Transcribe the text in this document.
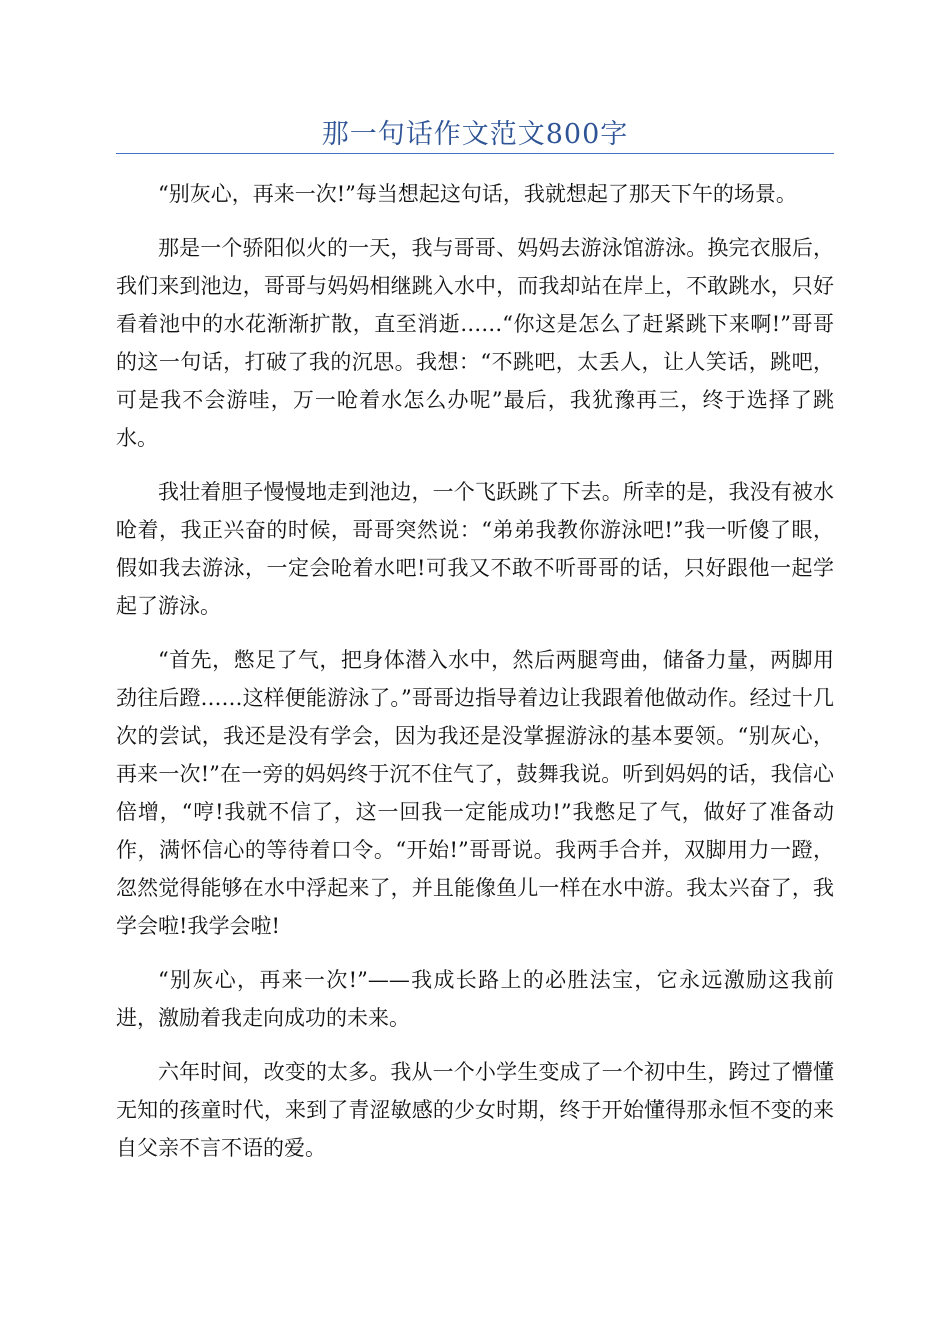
那一句话作文范文800字

“别灰心，再来一次!”每当想起这句话，我就想起了那天下午的场景。

那是一个骄阳似火的一天，我与哥哥、妈妈去游泳馆游泳。换完衣服后，我们来到池边，哥哥与妈妈相继跳入水中，而我却站在岸上，不敢跳水，只好看着池中的水花渐渐扩散，直至消逝……“你这是怎么了赶紧跳下来啊!”哥哥的这一句话，打破了我的沉思。我想：“不跳吧，太丢人，让人笑话，跳吧，可是我不会游哇，万一呛着水怎么办呢”最后，我犹豫再三，终于选择了跳水。

我壮着胆子慢慢地走到池边，一个飞跃跳了下去。所幸的是，我没有被水呛着，我正兴奋的时候，哥哥突然说：“弟弟我教你游泳吧!”我一听傻了眼，假如我去游泳，一定会呛着水吧!可我又不敢不听哥哥的话，只好跟他一起学起了游泳。

“首先，憋足了气，把身体潜入水中，然后两腿弯曲，储备力量，两脚用劲往后蹬……这样便能游泳了。”哥哥边指导着边让我跟着他做动作。经过十几次的尝试，我还是没有学会，因为我还是没掌握游泳的基本要领。“别灰心，再来一次!”在一旁的妈妈终于沉不住气了，鼓舞我说。听到妈妈的话，我信心倍增，“哼!我就不信了，这一回我一定能成功!”我憋足了气，做好了准备动作，满怀信心的等待着口令。“开始!”哥哥说。我两手合并，双脚用力一蹬，忽然觉得能够在水中浮起来了，并且能像鱼儿一样在水中游。我太兴奋了，我学会啦!我学会啦!

“别灰心，再来一次!”——我成长路上的必胜法宝，它永远激励这我前进，激励着我走向成功的未来。

六年时间，改变的太多。我从一个小学生变成了一个初中生，跨过了懵懂无知的孩童时代，来到了青涩敏感的少女时期，终于开始懂得那永恒不变的来自父亲不言不语的爱。
